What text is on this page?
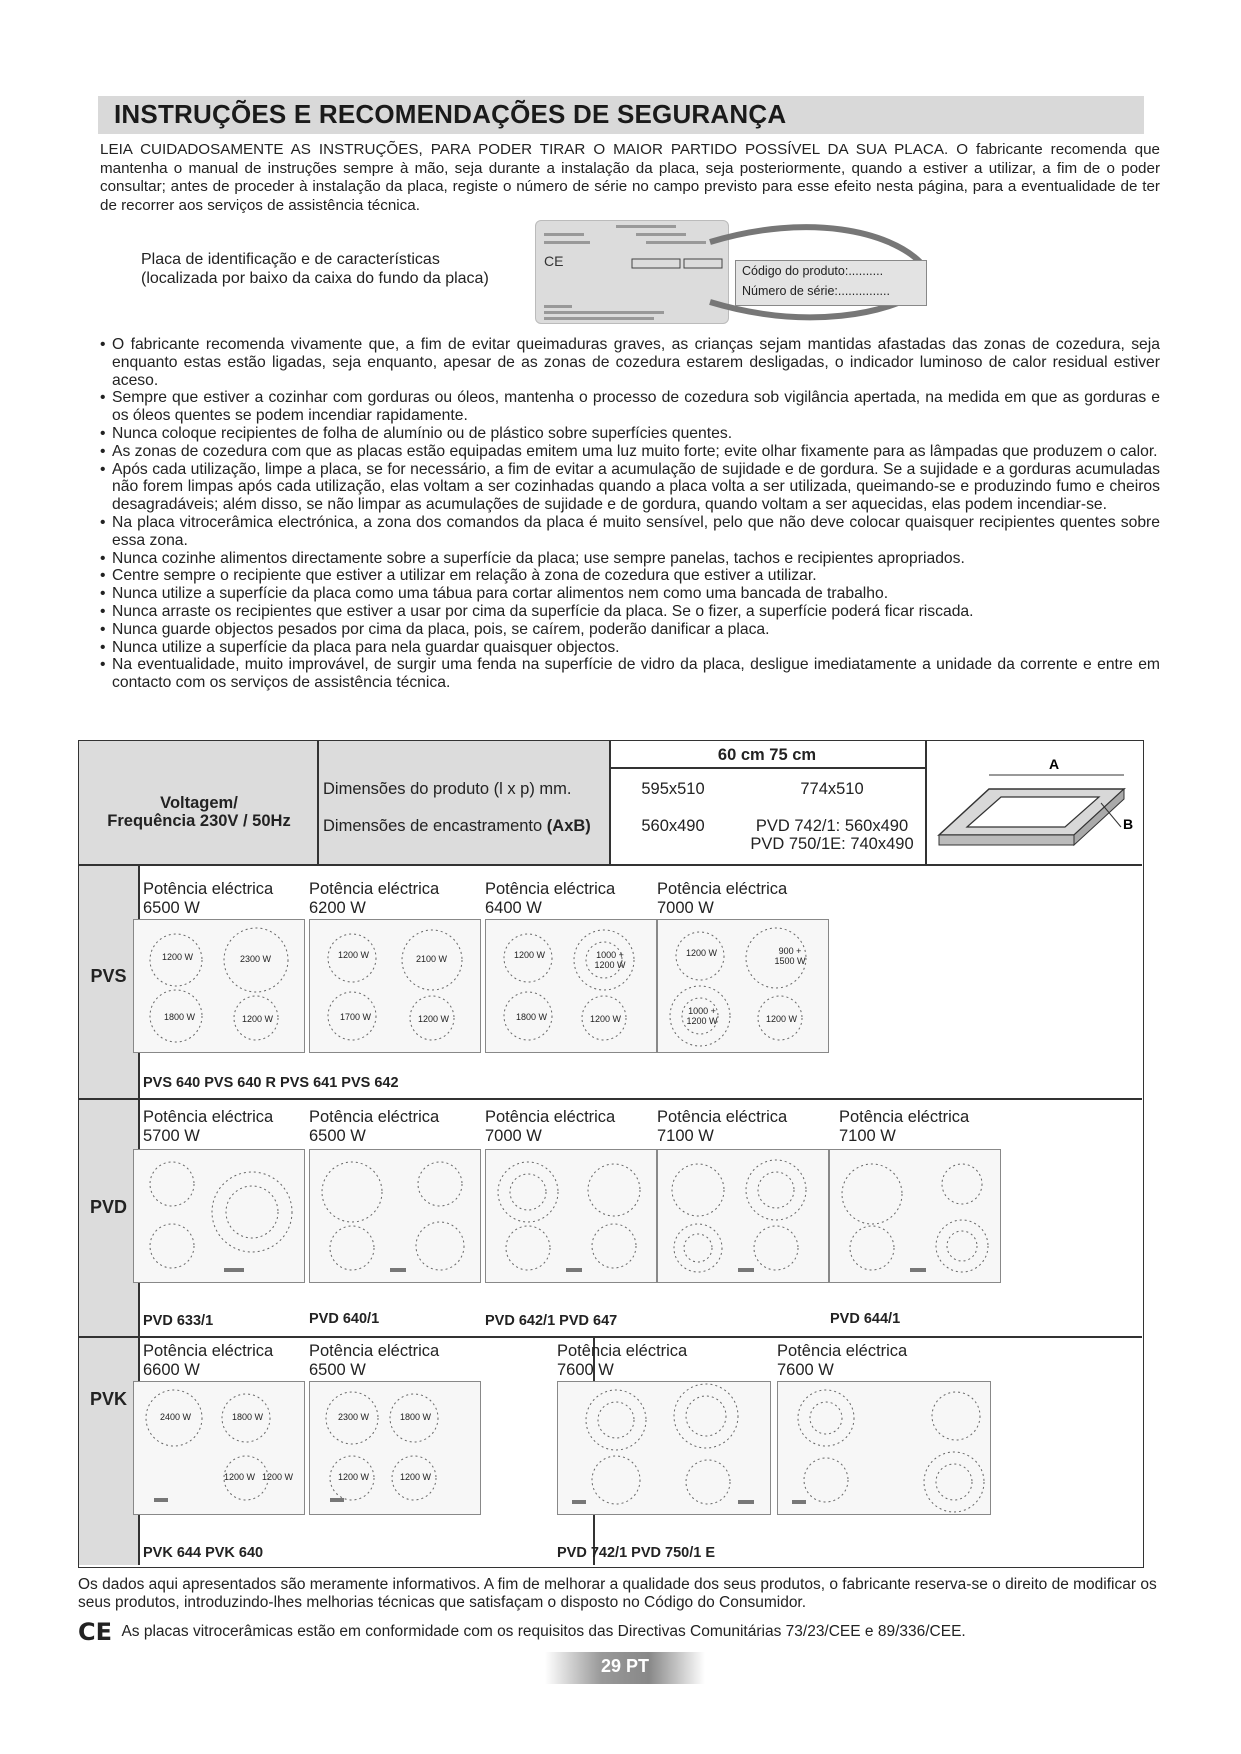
INSTRUÇÕES E RECOMENDAÇÕES DE SEGURANÇA
LEIA CUIDADOSAMENTE AS INSTRUÇÕES, PARA PODER TIRAR O MAIOR PARTIDO POSSÍVEL DA SUA PLACA. O fabricante recomenda que mantenha o manual de instruções sempre à mão, seja durante a instalação da placa, seja posteriormente, quando a estiver a utilizar, a fim de o poder consultar; antes de proceder à instalação da placa, registe o número de série no campo previsto para esse efeito nesta página, para a eventualidade de ter de recorrer aos serviços de assistência técnica.
Placa de identificação e de características
(localizada por baixo da caixa do fundo da placa)
CE
Código do produto:..........
Número de série:...............
• O fabricante recomenda vivamente que, a fim de evitar queimaduras graves, as crianças sejam mantidas afastadas das zonas de cozedura, seja enquanto estas estão ligadas, seja enquanto, apesar de as zonas de cozedura estarem desligadas, o indicador luminoso de calor residual estiver aceso.
• Sempre que estiver a cozinhar com gorduras ou óleos, mantenha o processo de cozedura sob vigilância apertada, na medida em que as gorduras e os óleos quentes se podem incendiar rapidamente.
• Nunca coloque recipientes de folha de alumínio ou de plástico sobre superfícies quentes.
• As zonas de cozedura com que as placas estão equipadas emitem uma luz muito forte; evite olhar fixamente para as lâmpadas que produzem o calor.
• Após cada utilização, limpe a placa, se for necessário, a fim de evitar a acumulação de sujidade e de gordura. Se a sujidade e a gorduras acumuladas não forem limpas após cada utilização, elas voltam a ser cozinhadas quando a placa volta a ser utilizada, queimando-se e produzindo fumo e cheiros desagradáveis; além disso, se não limpar as acumulações de sujidade e de gordura, quando voltam a ser aquecidas, elas podem incendiar-se.
• Na placa vitrocerâmica electrónica, a zona dos comandos da placa é muito sensível, pelo que não deve colocar quaisquer recipientes quentes sobre essa zona.
• Nunca cozinhe alimentos directamente sobre a superfície da placa; use sempre panelas, tachos e recipientes apropriados.
• Centre sempre o recipiente que estiver a utilizar em relação à zona de cozedura que estiver a utilizar.
• Nunca utilize a superfície da placa como uma tábua para cortar alimentos nem como uma bancada de trabalho.
• Nunca arraste os recipientes que estiver a usar por cima da superfície da placa. Se o fizer, a superfície poderá ficar riscada.
• Nunca guarde objectos pesados por cima da placa, pois, se caírem, poderão danificar a placa.
• Nunca utilize a superfície da placa para nela guardar quaisquer objectos.
• Na eventualidade, muito improvável, de surgir uma fenda na superfície de vidro da placa, desligue imediatamente a unidade da corrente e entre em contacto com os serviços de assistência técnica.
Voltagem/
Frequência 230V / 50Hz
Dimensões do produto (l x p) mm.
Dimensões de encastramento (AxB)
60 cm 75 cm
595x510	774x510
560x490	PVD 742/1: 560x490
PVD 750/1E: 740x490
A
B
PVS
Potência eléctrica
6500 W
Potência eléctrica
6200 W
Potência eléctrica
6400 W
Potência eléctrica
7000 W
1200 W	2300 W
1800 W	1200 W
1200 W	2100 W
1700 W	1200 W
1200 W	1000 + 1200 W
1800 W	1200 W
1200 W	900 + 1500 W
1000 + 1200 W	1200 W
PVS 640 PVS 640 R PVS 641 PVS 642
PVD
Potência eléctrica
5700 W
Potência eléctrica
6500 W
Potência eléctrica
7000 W
Potência eléctrica
7100 W
Potência eléctrica
7100 W
PVD 633/1	PVD 640/1	PVD 642/1 PVD 647	PVD 644/1
PVK
Potência eléctrica
6600 W
Potência eléctrica
6500 W
Potência eléctrica
7600 W
Potência eléctrica
7600 W
2400 W	1800 W
1200 W 1200 W
2300 W	1800 W
1200 W	1200 W
PVK 644 PVK 640	PVD 742/1 PVD 750/1 E
Os dados aqui apresentados são meramente informativos. A fim de melhorar a qualidade dos seus produtos, o fabricante reserva-se o direito de modificar os seus produtos, introduzindo-lhes melhorias técnicas que satisfaçam o disposto no Código do Consumidor.
CE As placas vitrocerâmicas estão em conformidade com os requisitos das Directivas Comunitárias 73/23/CEE e 89/336/CEE.
29 PT
